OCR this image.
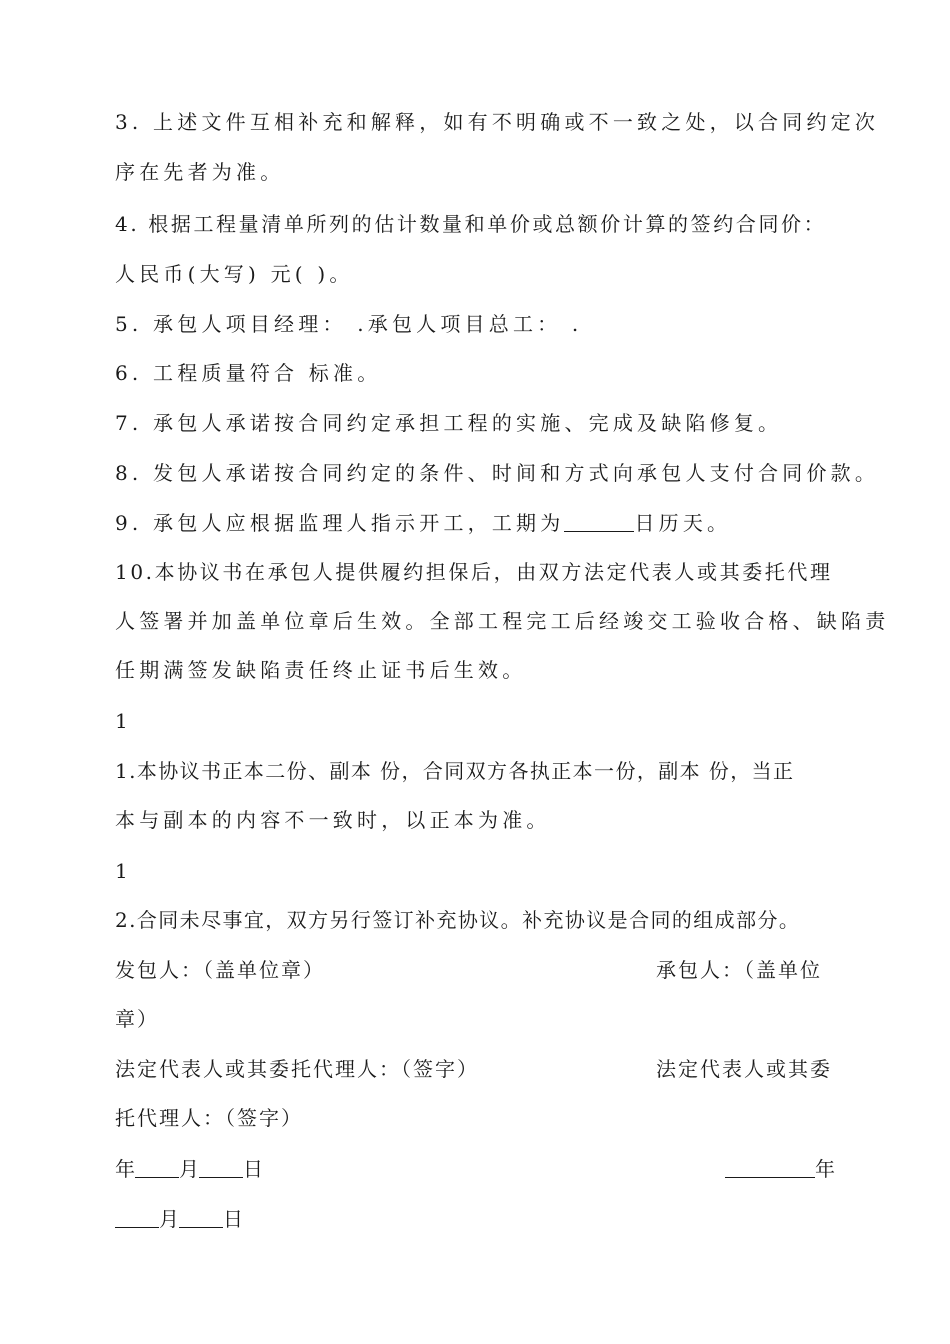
3. 上述文件互相补充和解释，如有不明确或不一致之处，以合同约定次
序在先者为准。
4. 根据工程量清单所列的估计数量和单价或总额价计算的签约合同价：
人民币(大写) 元( )。
5. 承包人项目经理： .承包人项目总工： .
6. 工程质量符合 标准。
7. 承包人承诺按合同约定承担工程的实施、完成及缺陷修复。
8. 发包人承诺按合同约定的条件、时间和方式向承包人支付合同价款。
9. 承包人应根据监理人指示开工，工期为	日历天。
10.本协议书在承包人提供履约担保后，由双方法定代表人或其委托代理
人签署并加盖单位章后生效。全部工程完工后经竣交工验收合格、缺陷责
任期满签发缺陷责任终止证书后生效。
1
1.本协议书正本二份、副本 份，合同双方各执正本一份，副本 份，当正
本与副本的内容不一致时，以正本为准。
1
2.合同未尽事宜，双方另行签订补充协议。补充协议是合同的组成部分。
发包人：（盖单位章）	承包人：（盖单位
章）
法定代表人或其委托代理人：（签字）	法定代表人或其委
托代理人：（签字）
年 月 日	年
月 日
